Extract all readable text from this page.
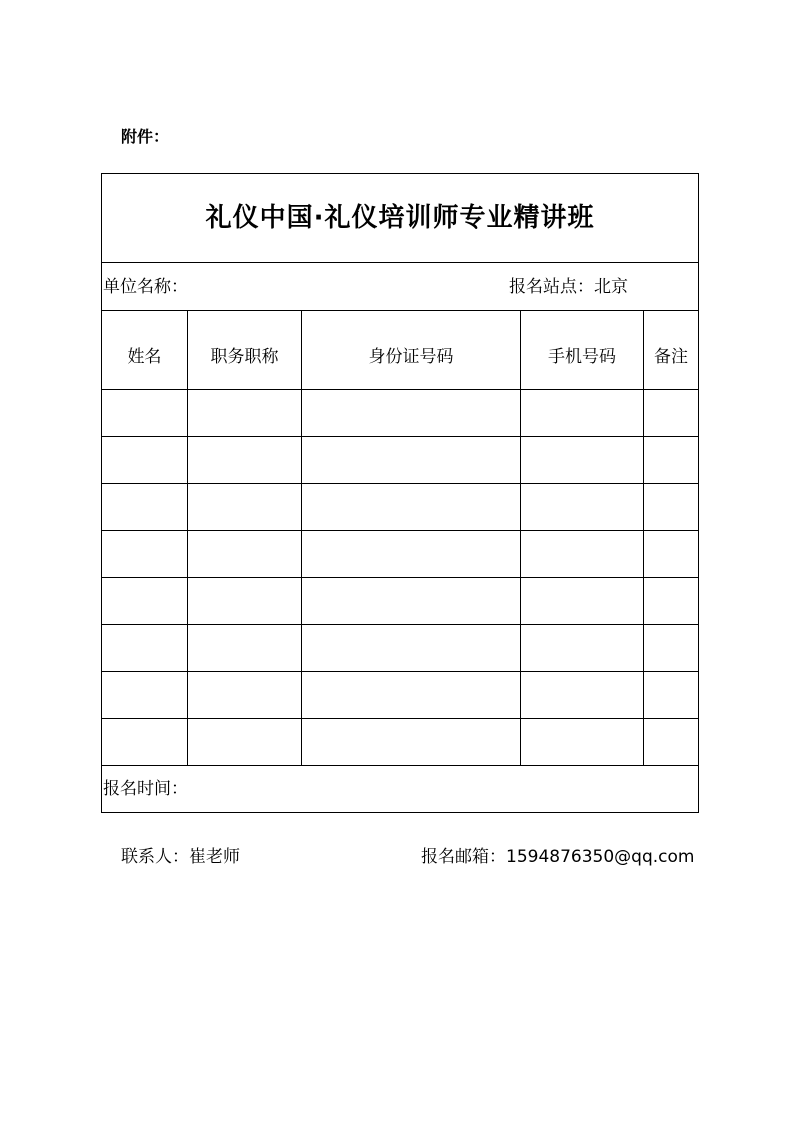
附件：
礼仪中国·礼仪培训师专业精讲班				

单位名称： 报名站点：北京				

姓名	职务职称	身份证号码	手机号码	备注

报名时间：				
联系人：崔老师	报名邮箱：1594876350@qq.com
